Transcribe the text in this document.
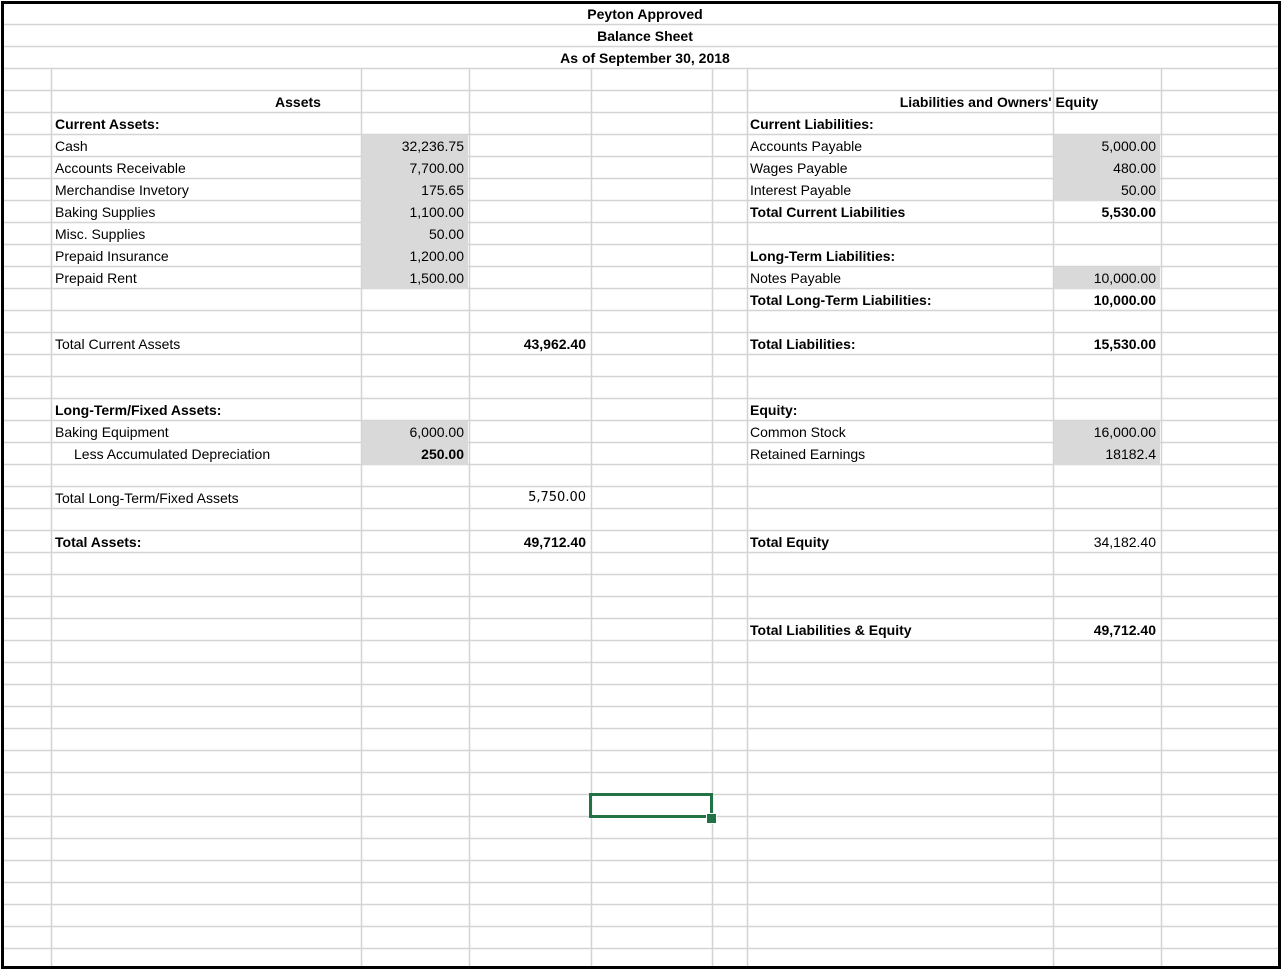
Peyton Approved
Balance Sheet
As of September 30, 2018
Assets
Current Assets:
Cash	32,236.75
Accounts Receivable	7,700.00
Merchandise Invetory	175.65
Baking Supplies	1,100.00
Misc. Supplies	50.00
Prepaid Insurance	1,200.00
Prepaid Rent	1,500.00
Total Current Assets	43,962.40
Long-Term/Fixed Assets:
Baking Equipment	6,000.00
Less Accumulated Depreciation	250.00
Total Long-Term/Fixed Assets	5,750.00
Total Assets:	49,712.40
Liabilities and Owners' Equity
Current Liabilities:
Accounts Payable	5,000.00
Wages Payable	480.00
Interest Payable	50.00
Total Current Liabilities	5,530.00
Long-Term Liabilities:
Notes Payable	10,000.00
Total Long-Term Liabilities:	10,000.00
Total Liabilities:	15,530.00
Equity:
Common Stock	16,000.00
Retained Earnings	18182.4
Total Equity	34,182.40
Total Liabilities & Equity	49,712.40
